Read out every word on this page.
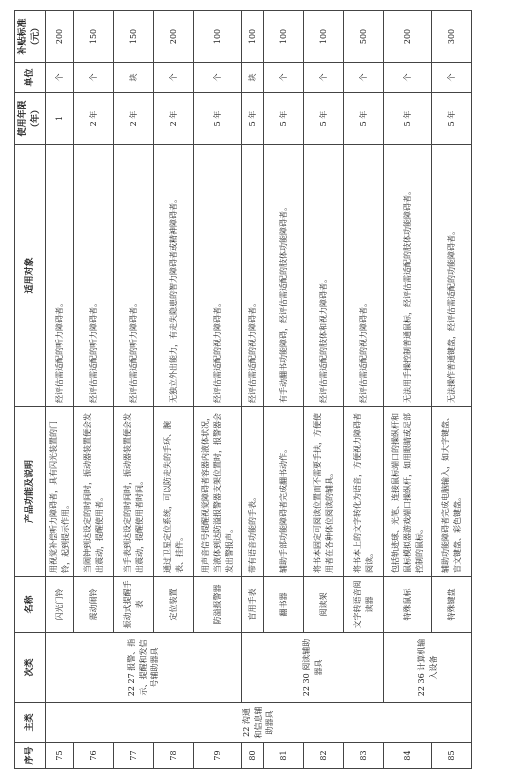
序号	主类	次类	名称	产品功能及说明	适用对象	使用年限（年）	单位	补贴标准（元）
75	22 沟通和信息辅助器具	22 27 报警、指示、提醒和发信号辅助器具	闪光门铃	用视觉补偿听力障碍者，具有闪光装置的门铃，起到提示作用。	经评估需适配的听力障碍者。	1	个	200
76			震动闹铃	当闹钟到达设定的时间时，振动器装置便会发出震动，提醒使用者。	经评估需适配的听力障碍者。	2 年	个	150
77			振动式提醒手表	当手表到达设定的时间时，振动器装置便会发出震动，提醒使用者时间。	经评估需适配的听力障碍者。	2 年	块	150
78			定位装置	通过卫星定位系统，可以防走失的手环、腕表、挂件。	无独立外出能力，有走失隐患的智力障碍者或精神障碍者。	2 年	个	200
79			防溢报警器	用声音信号提醒视觉障碍者容器内液体状况，当液体到达防溢报警器支架位置时，报警器会发出警报声。	经评估需适配的视力障碍者。	5 年	个	100
80		22 30 阅读辅助器具	盲用手表	带有语音功能的手表。	经评估需适配的视力障碍者。	5 年	块	100
81			翻书器	辅助手部功能障碍者完成翻书动作。	有手动翻书功能障碍，经评估需适配的肢体功能障碍者。	5 年	个	100
82			阅读架	将书本固定可阅读位置而不需要手扶，方便使用者在各种体位阅读的辅具。	经评估需适配的肢体和视力障碍者。	5 年	个	100
83			文字转语音阅读器	将书本上的文字转化为语音，方便视力障碍者阅读。	经评估需适配的视力障碍者。	5 年	个	500
84		22 36 计算机输入设备	特殊鼠标	包括轨迹球、光笔、连接鼠标端口的操纵杆和鼠标模拟器游戏端口操纵杆，如用眼睛或足部控制的鼠标。	无法用手操控制普通鼠标，经评估需适配的肢体功能障碍者。	5 年	个	200
85			特殊键盘	辅助功能障碍者完成电脑输入，如大字键盘、盲文键盘、彩色键盘。	无法操作普通键盘，经评估需适配的功能障碍者。	5 年	个	300
